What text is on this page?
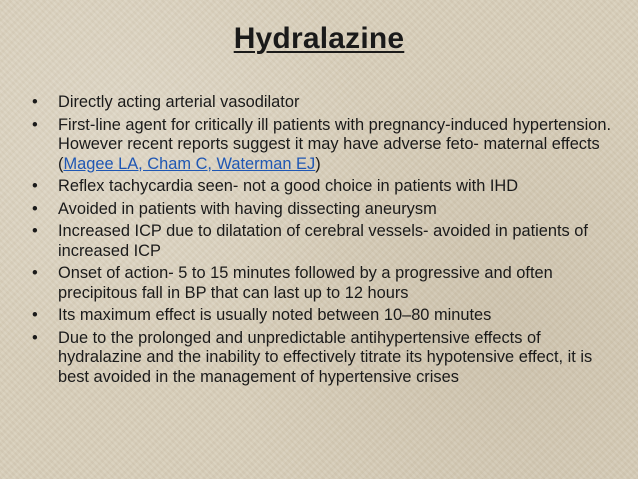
Hydralazine
• Directly acting arterial vasodilator
• First-line agent for critically ill patients with pregnancy-induced hypertension. However recent reports suggest it may have adverse feto- maternal effects (Magee LA, Cham C, Waterman EJ)
• Reflex tachycardia seen- not a good choice in patients with IHD
• Avoided in patients with having dissecting aneurysm
• Increased ICP due to dilatation of cerebral vessels- avoided in patients of increased ICP
• Onset of action- 5 to 15 minutes followed by a progressive and often precipitous fall in BP that can last up to 12 hours
• Its maximum effect is usually noted between 10–80 minutes
• Due to the prolonged and unpredictable antihypertensive effects of hydralazine and the inability to effectively titrate its hypotensive effect, it is best avoided in the management of hypertensive crises
